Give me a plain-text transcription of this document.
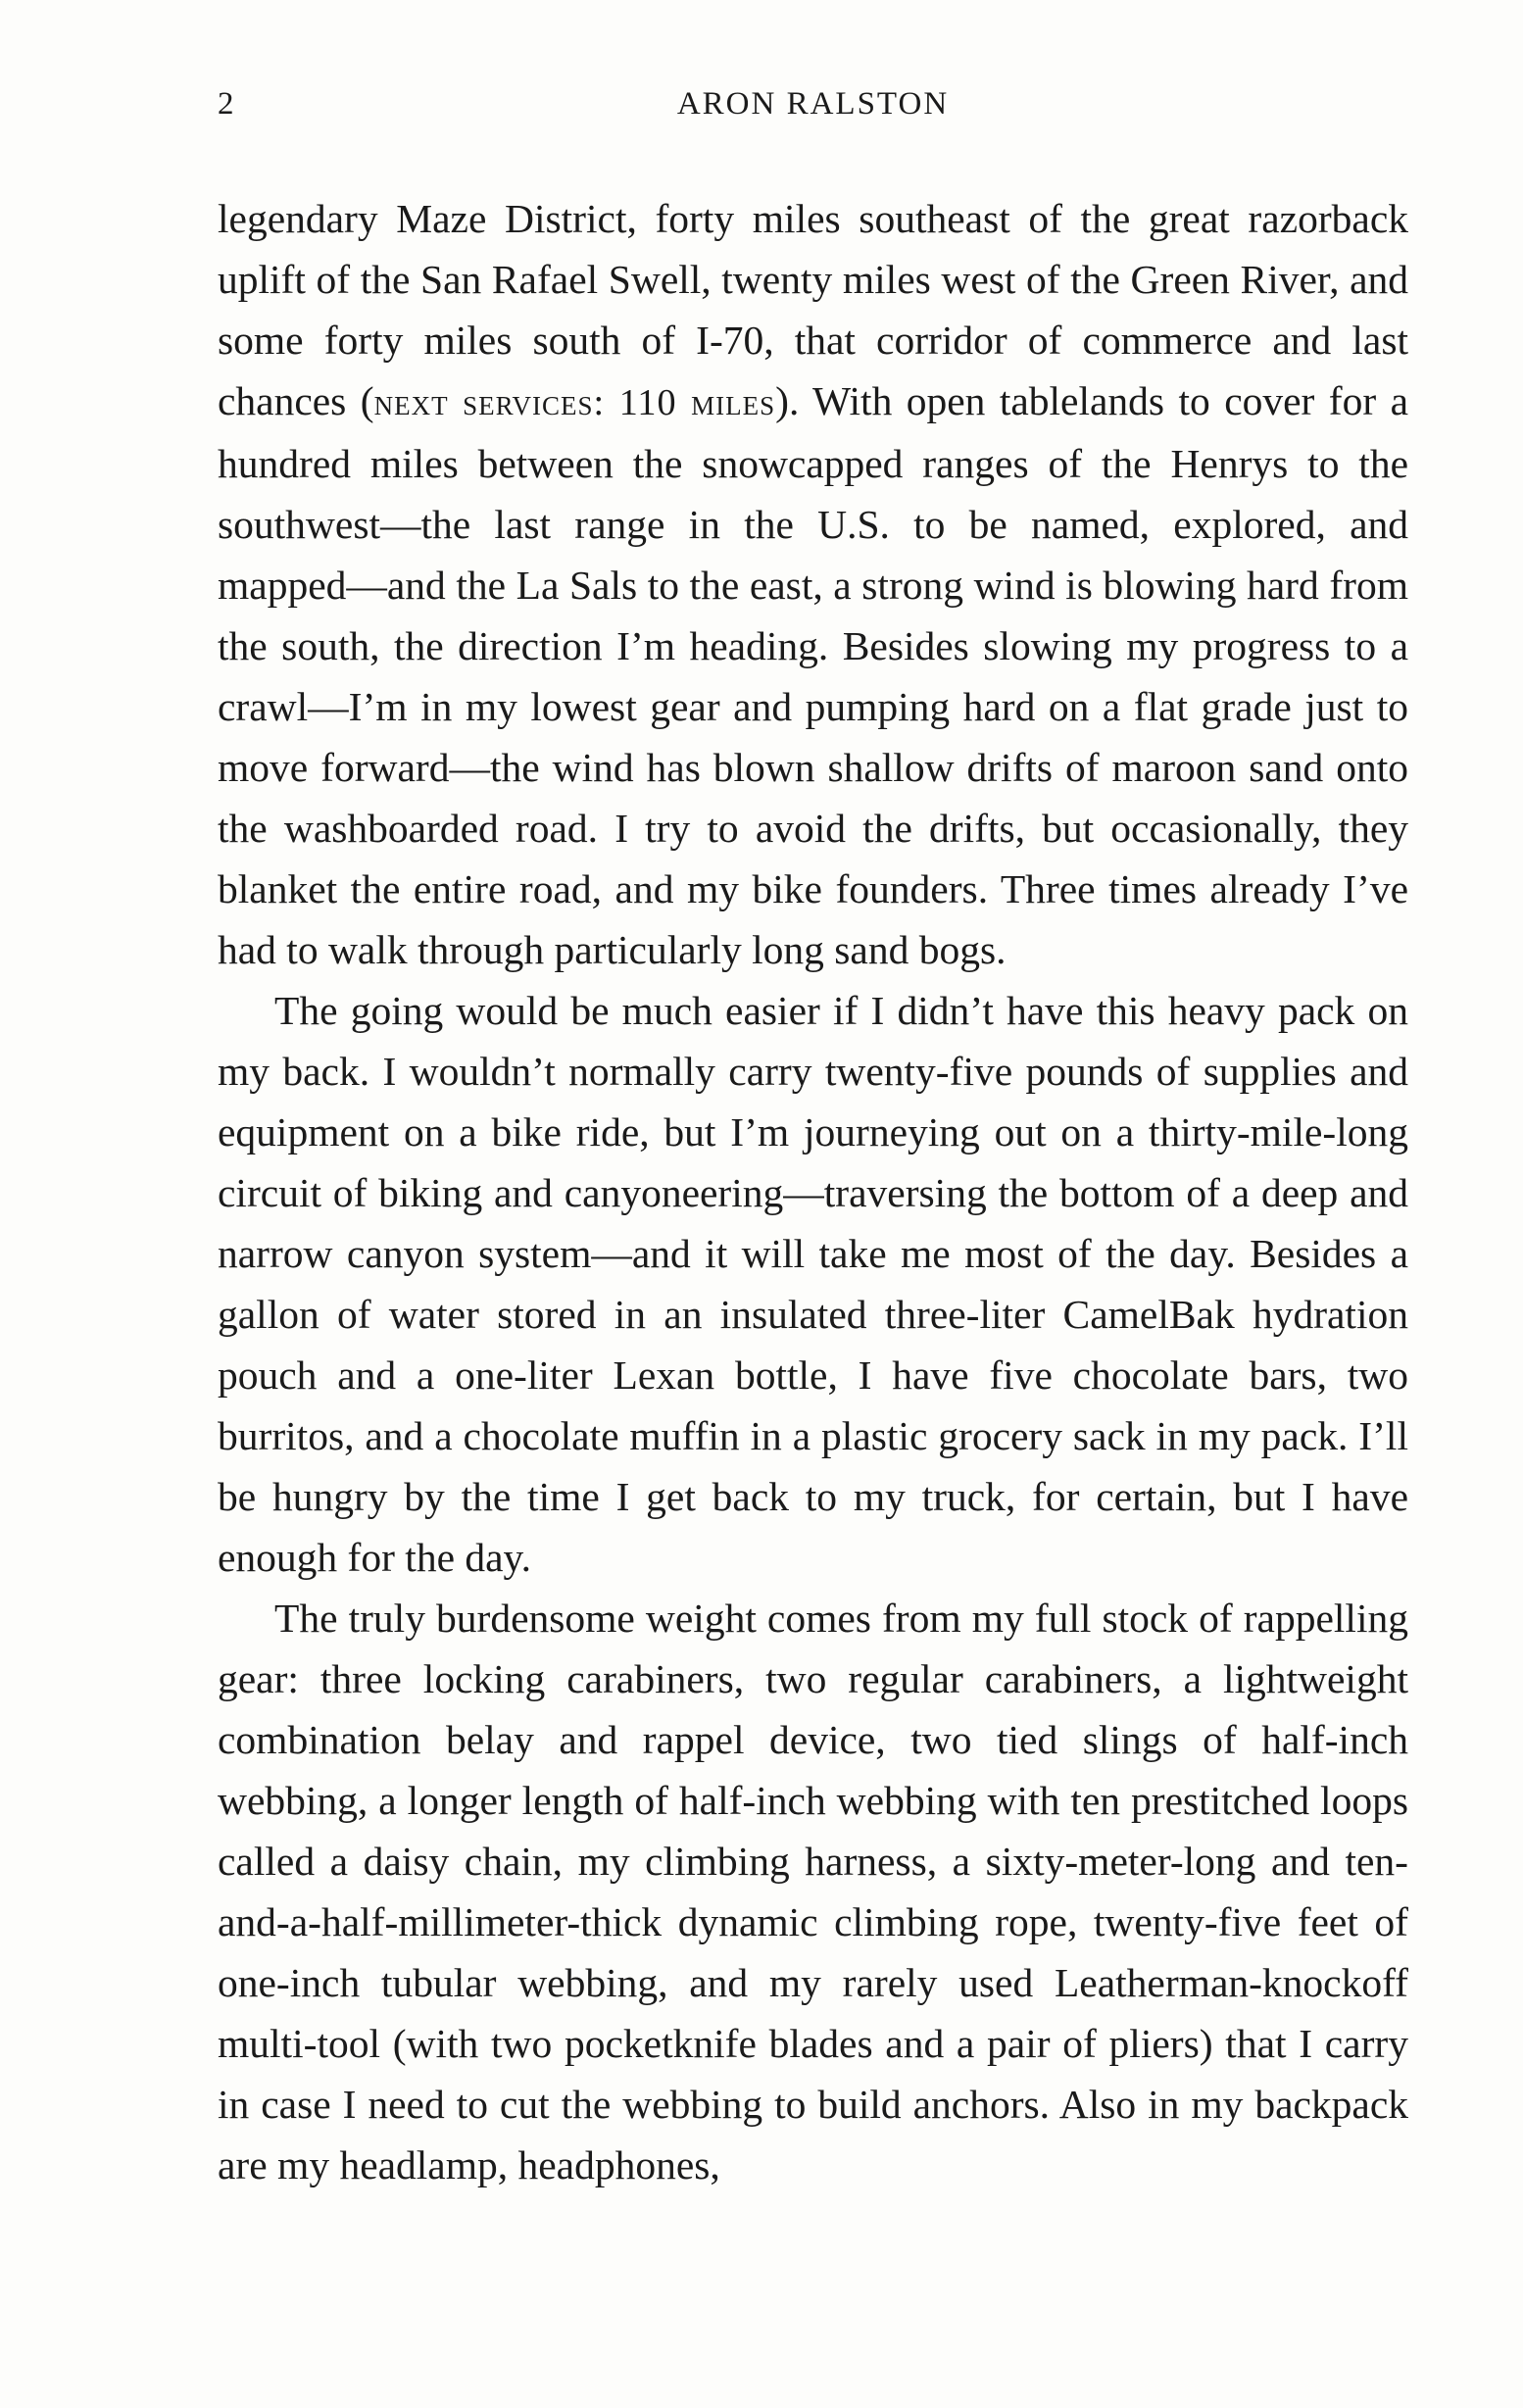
2	ARON RALSTON

legendary Maze District, forty miles southeast of the great razorback uplift of the San Rafael Swell, twenty miles west of the Green River, and some forty miles south of I-70, that corridor of commerce and last chances (next services: 110 miles). With open tablelands to cover for a hundred miles between the snowcapped ranges of the Henrys to the southwest—the last range in the U.S. to be named, explored, and mapped—and the La Sals to the east, a strong wind is blowing hard from the south, the direction I’m heading. Besides slowing my progress to a crawl—I’m in my lowest gear and pumping hard on a flat grade just to move forward—the wind has blown shallow drifts of maroon sand onto the washboarded road. I try to avoid the drifts, but occasionally, they blanket the entire road, and my bike founders. Three times already I’ve had to walk through particularly long sand bogs.

The going would be much easier if I didn’t have this heavy pack on my back. I wouldn’t normally carry twenty-five pounds of supplies and equipment on a bike ride, but I’m journeying out on a thirty-mile-long circuit of biking and canyoneering—traversing the bottom of a deep and narrow canyon system—and it will take me most of the day. Besides a gallon of water stored in an insulated three-liter CamelBak hydration pouch and a one-liter Lexan bottle, I have five chocolate bars, two burritos, and a chocolate muffin in a plastic grocery sack in my pack. I’ll be hungry by the time I get back to my truck, for certain, but I have enough for the day.

The truly burdensome weight comes from my full stock of rappelling gear: three locking carabiners, two regular carabiners, a lightweight combination belay and rappel device, two tied slings of half-inch webbing, a longer length of half-inch webbing with ten prestitched loops called a daisy chain, my climbing harness, a sixty-meter-long and ten-and-a-half-millimeter-thick dynamic climbing rope, twenty-five feet of one-inch tubular webbing, and my rarely used Leatherman-knockoff multi-tool (with two pocketknife blades and a pair of pliers) that I carry in case I need to cut the webbing to build anchors. Also in my backpack are my headlamp, headphones,
